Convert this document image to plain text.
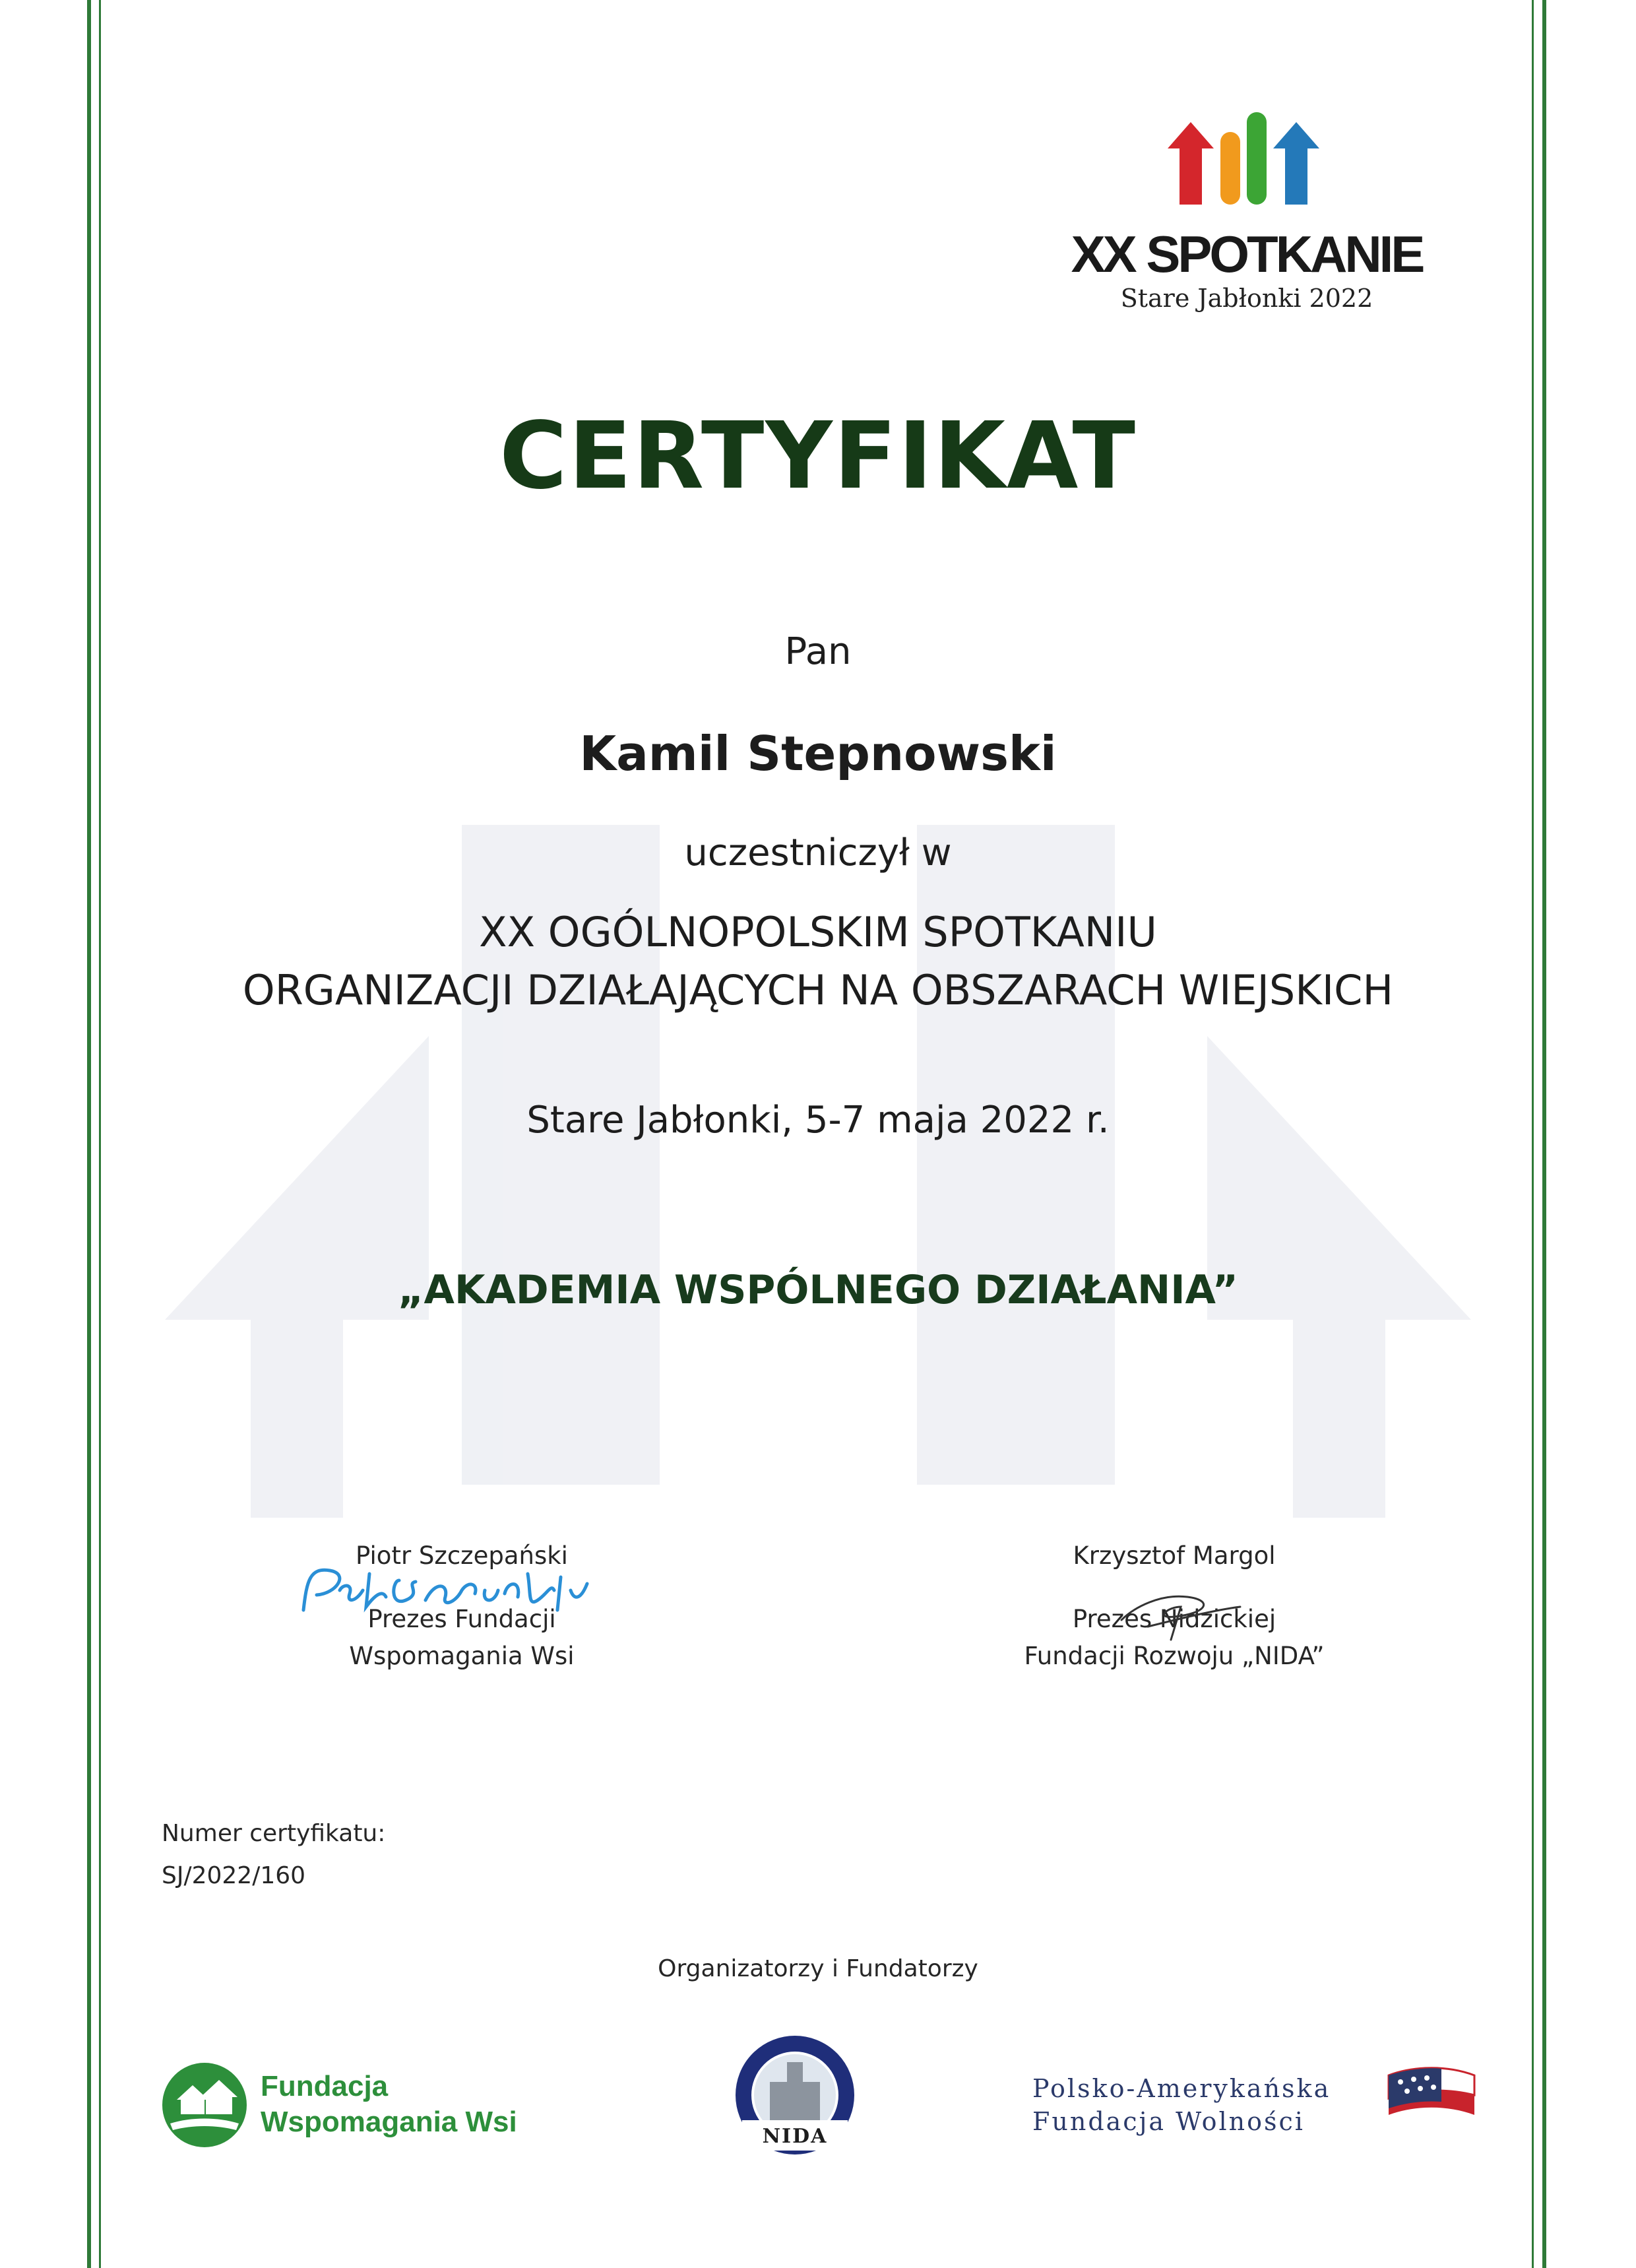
XX SPOTKANIE
Stare Jabłonki 2022
CERTYFIKAT
Pan
Kamil Stepnowski
uczestniczył w
XX OGÓLNOPOLSKIM SPOTKANIU
ORGANIZACJI DZIAŁAJĄCYCH NA OBSZARACH WIEJSKICH
Stare Jabłonki, 5-7 maja 2022 r.
„AKADEMIA WSPÓLNEGO DZIAŁANIA”
Piotr Szczepański
Prezes Fundacji
Wspomagania Wsi
Krzysztof Margol
Prezes Nidzickiej
Fundacji Rozwoju „NIDA”
Numer certyfikatu:
SJ/2022/160
Organizatorzy i Fundatorzy
Fundacja
Wspomagania Wsi	NIDA
Polsko-Amerykańska
Fundacja Wolności
